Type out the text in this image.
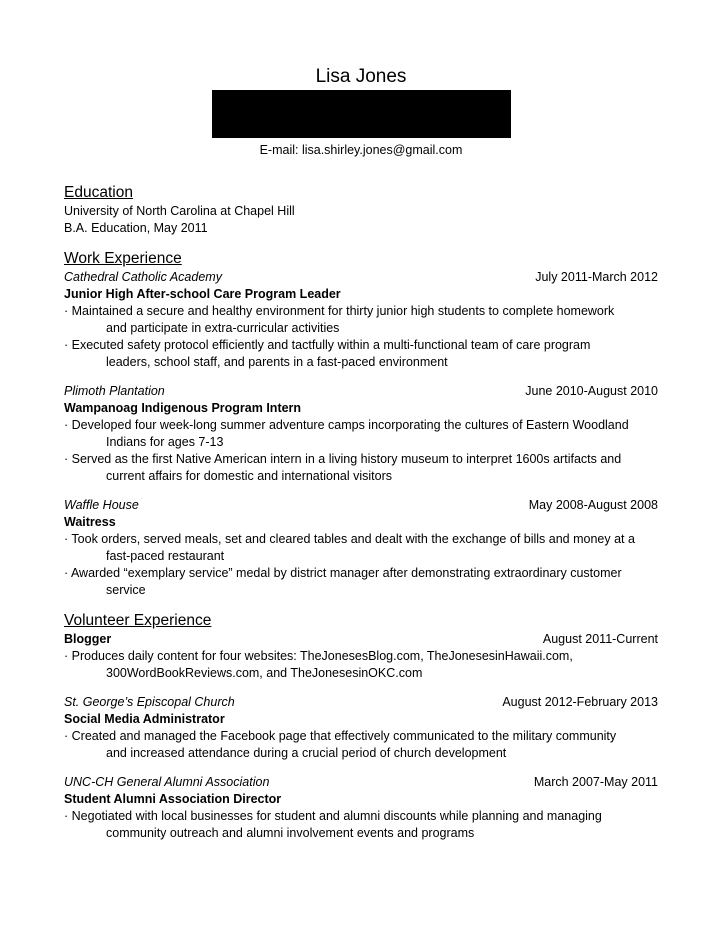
Lisa Jones
E-mail: lisa.shirley.jones@gmail.com
Education
University of North Carolina at Chapel Hill
B.A. Education, May 2011
Work Experience
Cathedral Catholic Academy	July 2011-March 2012
Junior High After-school Care Program Leader
· Maintained a secure and healthy environment for thirty junior high students to complete homework
and participate in extra-curricular activities
· Executed safety protocol efficiently and tactfully within a multi-functional team of care program
leaders, school staff, and parents in a fast-paced environment
Plimoth Plantation	June 2010-August 2010
Wampanoag Indigenous Program Intern
· Developed four week-long summer adventure camps incorporating the cultures of Eastern Woodland
Indians for ages 7-13
· Served as the first Native American intern in a living history museum to interpret 1600s artifacts and
current affairs for domestic and international visitors
Waffle House	May 2008-August 2008
Waitress
· Took orders, served meals, set and cleared tables and dealt with the exchange of bills and money at a
fast-paced restaurant
· Awarded “exemplary service” medal by district manager after demonstrating extraordinary customer
service
Volunteer Experience
Blogger	August 2011-Current
· Produces daily content for four websites: TheJonesesBlog.com, TheJonesesinHawaii.com,
300WordBookReviews.com, and TheJonesesinOKC.com
St. George’s Episcopal Church	August 2012-February 2013
Social Media Administrator
· Created and managed the Facebook page that effectively communicated to the military community
and increased attendance during a crucial period of church development
UNC-CH General Alumni Association	March 2007-May 2011
Student Alumni Association Director
· Negotiated with local businesses for student and alumni discounts while planning and managing
community outreach and alumni involvement events and programs
